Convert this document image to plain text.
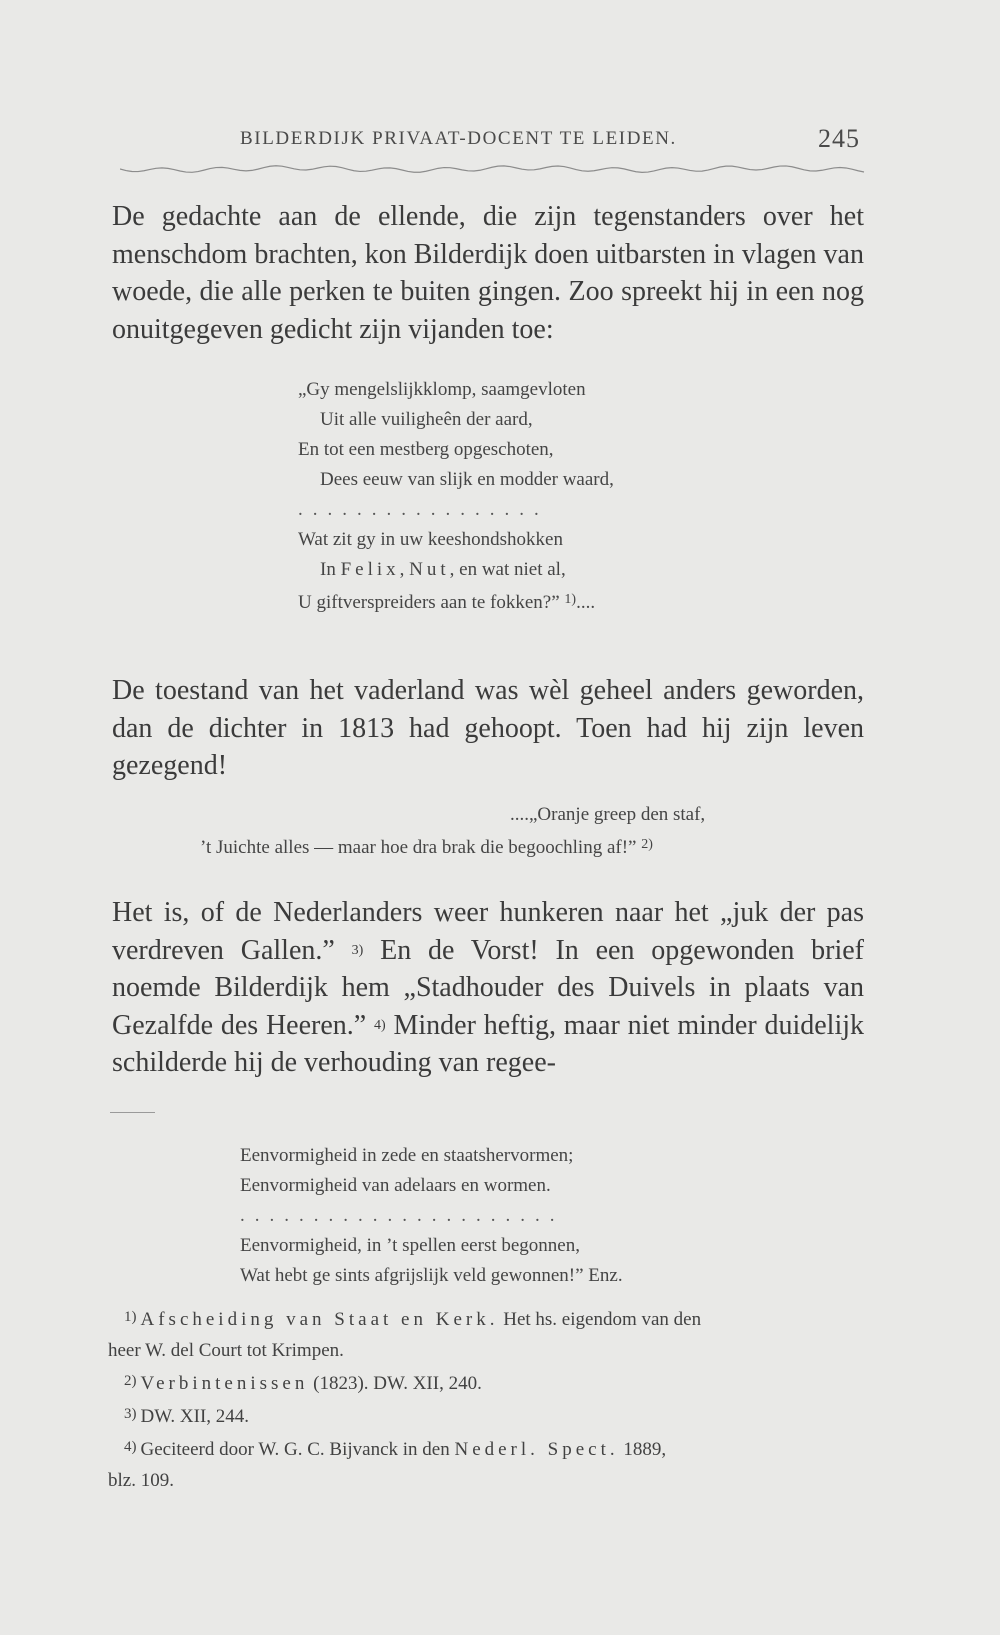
BILDERDIJK PRIVAAT-DOCENT TE LEIDEN.	245

De gedachte aan de ellende, die zijn tegenstanders over het menschdom brachten, kon Bilderdijk doen uitbarsten in vlagen van woede, die alle perken te buiten gingen. Zoo spreekt hij in een nog onuitgegeven gedicht zijn vijanden toe:

„Gy mengelslijkklomp, saamgevloten
Uit alle vuiligheên der aard,
En tot een mestberg opgeschoten,
Dees eeuw van slijk en modder waard,
.................
Wat zit gy in uw keeshondshokken
In Felix, Nut, en wat niet al,
U giftverspreiders aan te fokken?” $^{1)}$....

De toestand van het vaderland was wèl geheel anders geworden, dan de dichter in 1813 had gehoopt. Toen had hij zijn leven gezegend!

....„Oranje greep den staf,
’t Juichte alles — maar hoe dra brak die begoochling af!” $^{2)}$

Het is, of de Nederlanders weer hunkeren naar het „juk der pas verdreven Gallen.” 3) En de Vorst! In een opgewonden brief noemde Bilderdijk hem „Stadhouder des Duivels in plaats van Gezalfde des Heeren.” 4) Minder heftig, maar niet minder duidelijk schilderde hij de verhouding van regee-

Eenvormigheid in zede en staatshervormen;
Eenvormigheid van adelaars en wormen.
......................
Eenvormigheid, in ’t spellen eerst begonnen,
Wat hebt ge sints afgrijslijk veld gewonnen!” Enz.
$^{1)}$ Afscheiding van Staat en Kerk. Het hs. eigendom van den
heer W. del Court tot Krimpen.
$^{2)}$ Verbintenissen (1823). DW. XII, 240.
$^{3)}$ DW. XII, 244.
$^{4)}$ Geciteerd door W. G. C. Bijvanck in den Nederl. Spect. 1889,
blz. 109.
